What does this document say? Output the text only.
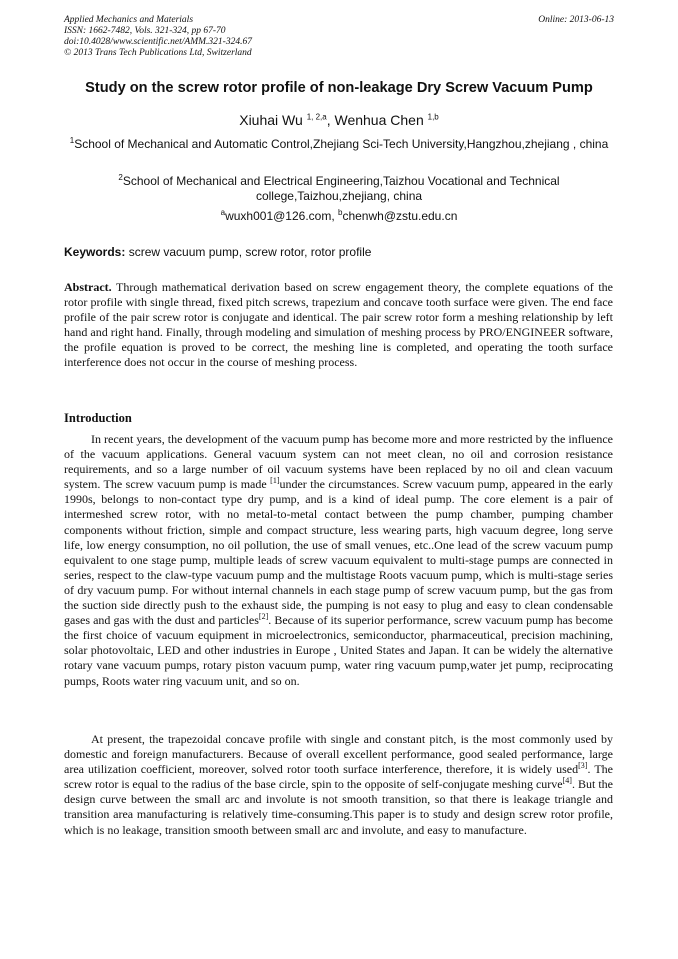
Applied Mechanics and Materials
ISSN: 1662-7482, Vols. 321-324, pp 67-70
doi:10.4028/www.scientific.net/AMM.321-324.67
© 2013 Trans Tech Publications Ltd, Switzerland
Online: 2013-06-13
Study on the screw rotor profile of non-leakage Dry Screw Vacuum Pump
Xiuhai Wu $^{1, 2,a}$, Wenhua Chen $^{1,b}$
$^1$School of Mechanical and Automatic Control,Zhejiang Sci-Tech University,Hangzhou,zhejiang , china
$^2$School of Mechanical and Electrical Engineering,Taizhou Vocational and Technical college,Taizhou,zhejiang, china
$^a$wuxh001@126.com, $^b$chenwh@zstu.edu.cn
Keywords: screw vacuum pump, screw rotor, rotor profile
Abstract. Through mathematical derivation based on screw engagement theory, the complete equations of the rotor profile with single thread, fixed pitch screws, trapezium and concave tooth surface were given. The end face profile of the pair screw rotor is conjugate and identical. The pair screw rotor form a meshing relationship by left hand and right hand. Finally, through modeling and simulation of meshing process by PRO/ENGINEER software, the profile equation is proved to be correct, the meshing line is completed, and operating the tooth surface interference does not occur in the course of meshing process.
Introduction

In recent years, the development of the vacuum pump has become more and more restricted by the influence of the vacuum applications. General vacuum system can not meet clean, no oil and corrosion resistance requirements, and so a large number of oil vacuum systems have been replaced by no oil and clean vacuum system. The screw vacuum pump is made [1]under the circumstances. Screw vacuum pump, appeared in the early 1990s, belongs to non-contact type dry pump, and is a kind of ideal pump. The core element is a pair of intermeshed screw rotor, with no metal-to-metal contact between the pump chamber, pumping chamber components without friction, simple and compact structure, less wearing parts, high vacuum degree, long serve life, low energy consumption, no oil pollution, the use of small venues, etc..One lead of the screw vacuum pump equivalent to one stage pump, multiple leads of screw vacuum equivalent to multi-stage pumps are connected in series, respect to the claw-type vacuum pump and the multistage Roots vacuum pump, which is multi-stage series of dry vacuum pump. For without internal channels in each stage pump of screw vacuum pump, but the gas from the suction side directly push to the exhaust side, the pumping is not easy to plug and easy to clean condensable gases and gas with the dust and particles[2]. Because of its superior performance, screw vacuum pump has become the first choice of vacuum equipment in microelectronics, semiconductor, pharmaceutical, precision machining, solar photovoltaic, LED and other industries in Europe , United States and Japan. It can be widely the alternative rotary vane vacuum pumps, rotary piston vacuum pump, water ring vacuum pump,water jet pump, reciprocating pumps, Roots water ring vacuum unit, and so on.

At present, the trapezoidal concave profile with single and constant pitch, is the most commonly used by domestic and foreign manufacturers. Because of overall excellent performance, good sealed performance, large area utilization coefficient, moreover, solved rotor tooth surface interference, therefore, it is widely used[3]. The screw rotor is equal to the radius of the base circle, spin to the opposite of self-conjugate meshing curve[4]. But the design curve between the small arc and involute is not smooth transition, so that there is leakage triangle and transition area manufacturing is relatively time-consuming.This paper is to study and design screw rotor profile, which is no leakage, transition smooth between small arc and involute, and easy to manufacture.
